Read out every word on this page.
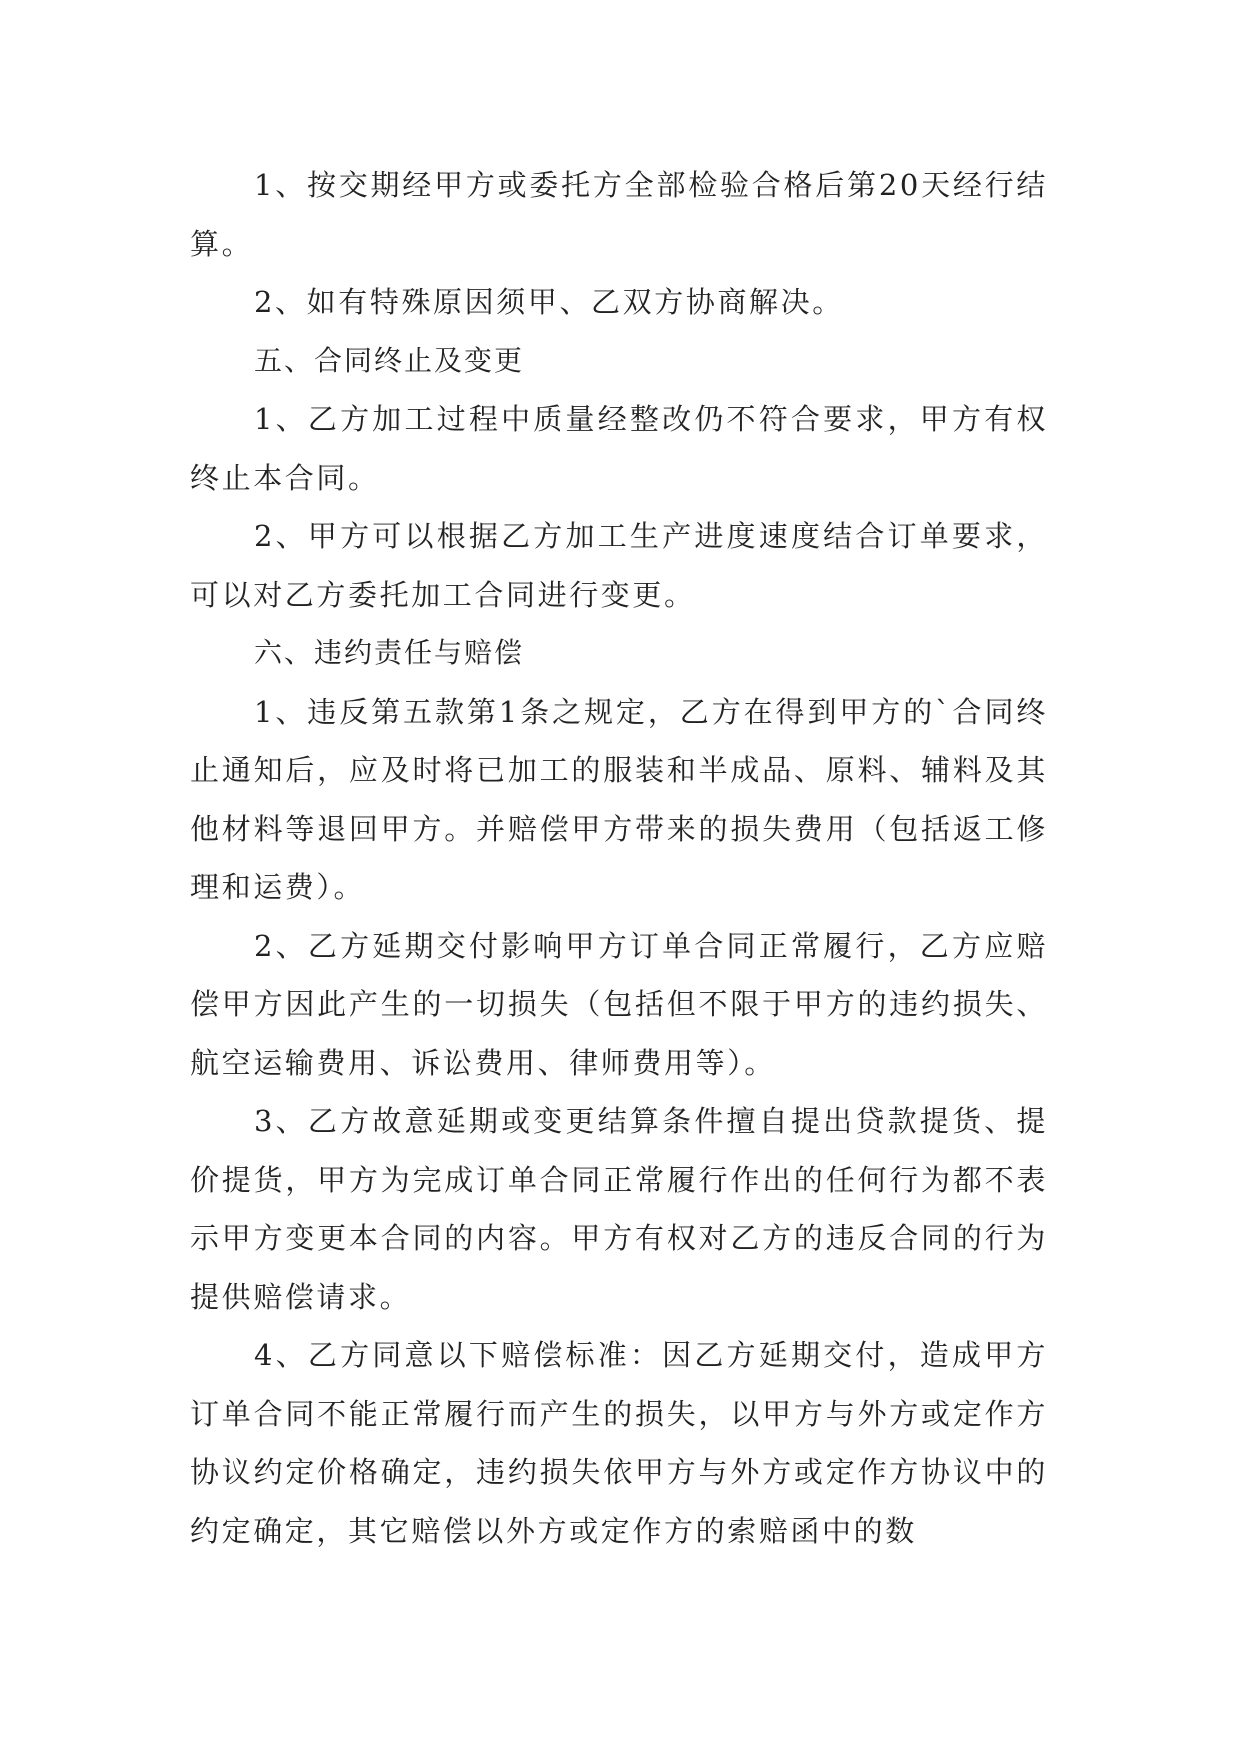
1、按交期经甲方或委托方全部检验合格后第20天经行结算。

2、如有特殊原因须甲、乙双方协商解决。

五、合同终止及变更

1、乙方加工过程中质量经整改仍不符合要求，甲方有权终止本合同。

2、甲方可以根据乙方加工生产进度速度结合订单要求，可以对乙方委托加工合同进行变更。

六、违约责任与赔偿

1、违反第五款第1条之规定，乙方在得到甲方的`合同终止通知后，应及时将已加工的服装和半成品、原料、辅料及其他材料等退回甲方。并赔偿甲方带来的损失费用（包括返工修理和运费）。

2、乙方延期交付影响甲方订单合同正常履行，乙方应赔偿甲方因此产生的一切损失（包括但不限于甲方的违约损失、航空运输费用、诉讼费用、律师费用等）。

3、乙方故意延期或变更结算条件擅自提出贷款提货、提价提货，甲方为完成订单合同正常履行作出的任何行为都不表示甲方变更本合同的内容。甲方有权对乙方的违反合同的行为提供赔偿请求。

4、乙方同意以下赔偿标准：因乙方延期交付，造成甲方订单合同不能正常履行而产生的损失，以甲方与外方或定作方协议约定价格确定，违约损失依甲方与外方或定作方协议中的约定确定，其它赔偿以外方或定作方的索赔函中的数
